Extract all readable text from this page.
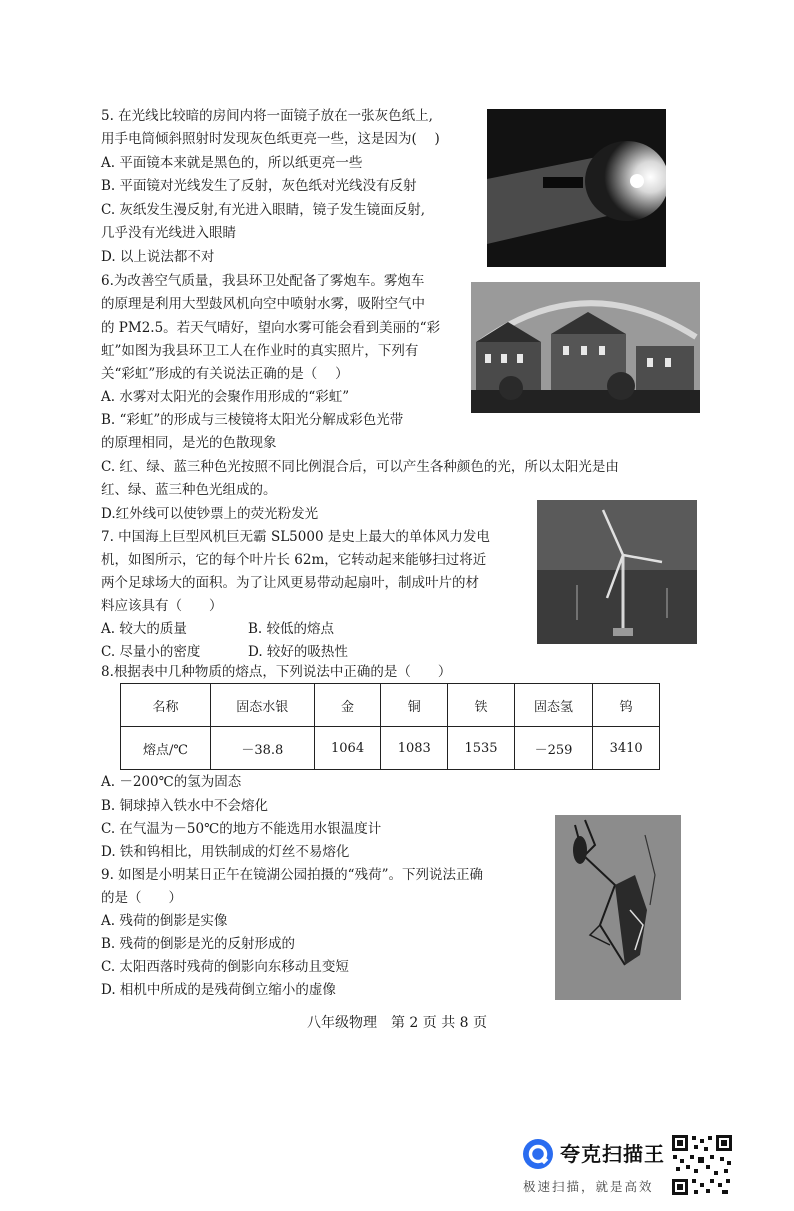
5. 在光线比较暗的房间内将一面镜子放在一张灰色纸上,
用手电筒倾斜照射时发现灰色纸更亮一些，这是因为(　 )
A. 平面镜本来就是黑色的，所以纸更亮一些
B. 平面镜对光线发生了反射，灰色纸对光线没有反射
C. 灰纸发生漫反射,有光进入眼睛，镜子发生镜面反射,
几乎没有光线进入眼睛
D. 以上说法都不对
6.为改善空气质量，我县环卫处配备了雾炮车。雾炮车
的原理是利用大型鼓风机向空中喷射水雾，吸附空气中
的 PM2.5。若天气晴好，望向水雾可能会看到美丽的“彩
虹”如图为我县环卫工人在作业时的真实照片，下列有
关“彩虹”形成的有关说法正确的是（　 ）
A. 水雾对太阳光的会聚作用形成的“彩虹”
B. “彩虹”的形成与三棱镜将太阳光分解成彩色光带
的原理相同，是光的色散现象
C. 红、绿、蓝三种色光按照不同比例混合后，可以产生各种颜色的光，所以太阳光是由
红、绿、蓝三种色光组成的。
D.红外线可以使钞票上的荧光粉发光
7. 中国海上巨型风机巨无霸 SL5000 是史上最大的单体风力发电
机，如图所示，它的每个叶片长 62m，它转动起来能够扫过将近
两个足球场大的面积。为了让风更易带动起扇叶，制成叶片的材
料应该具有（　　）
A. 较大的质量	B. 较低的熔点
C. 尽量小的密度	D. 较好的吸热性
8.根据表中几种物质的熔点，下列说法中正确的是（　　）
名称	固态水银	金	铜	铁	固态氢	钨
熔点/℃	－38.8	1064	1083	1535	－259	3410
A. －200℃的氢为固态
B. 铜球掉入铁水中不会熔化
C. 在气温为－50℃的地方不能选用水银温度计
D. 铁和钨相比，用铁制成的灯丝不易熔化
9. 如图是小明某日正午在镜湖公园拍摄的“残荷”。下列说法正确
的是（　　）
A. 残荷的倒影是实像
B. 残荷的倒影是光的反射形成的
C. 太阳西落时残荷的倒影向东移动且变短
D. 相机中所成的是残荷倒立缩小的虚像
八年级物理　第 2 页 共 8 页
夸克扫描王
极速扫描，就是高效
